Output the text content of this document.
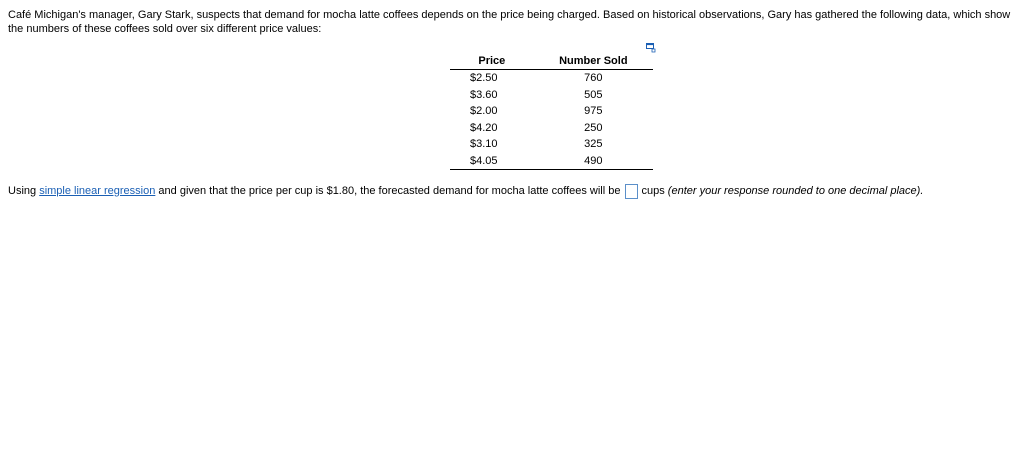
Café Michigan's manager, Gary Stark, suspects that demand for mocha latte coffees depends on the price being charged. Based on historical observations, Gary has gathered the following data, which show the numbers of these coffees sold over six different price values:
Price	Number Sold
$2.50	760
$3.60	505
$2.00	975
$4.20	250
$3.10	325
$4.05	490
Using simple linear regression and given that the price per cup is $1.80, the forecasted demand for mocha latte coffees will be cups (enter your response rounded to one decimal place).
